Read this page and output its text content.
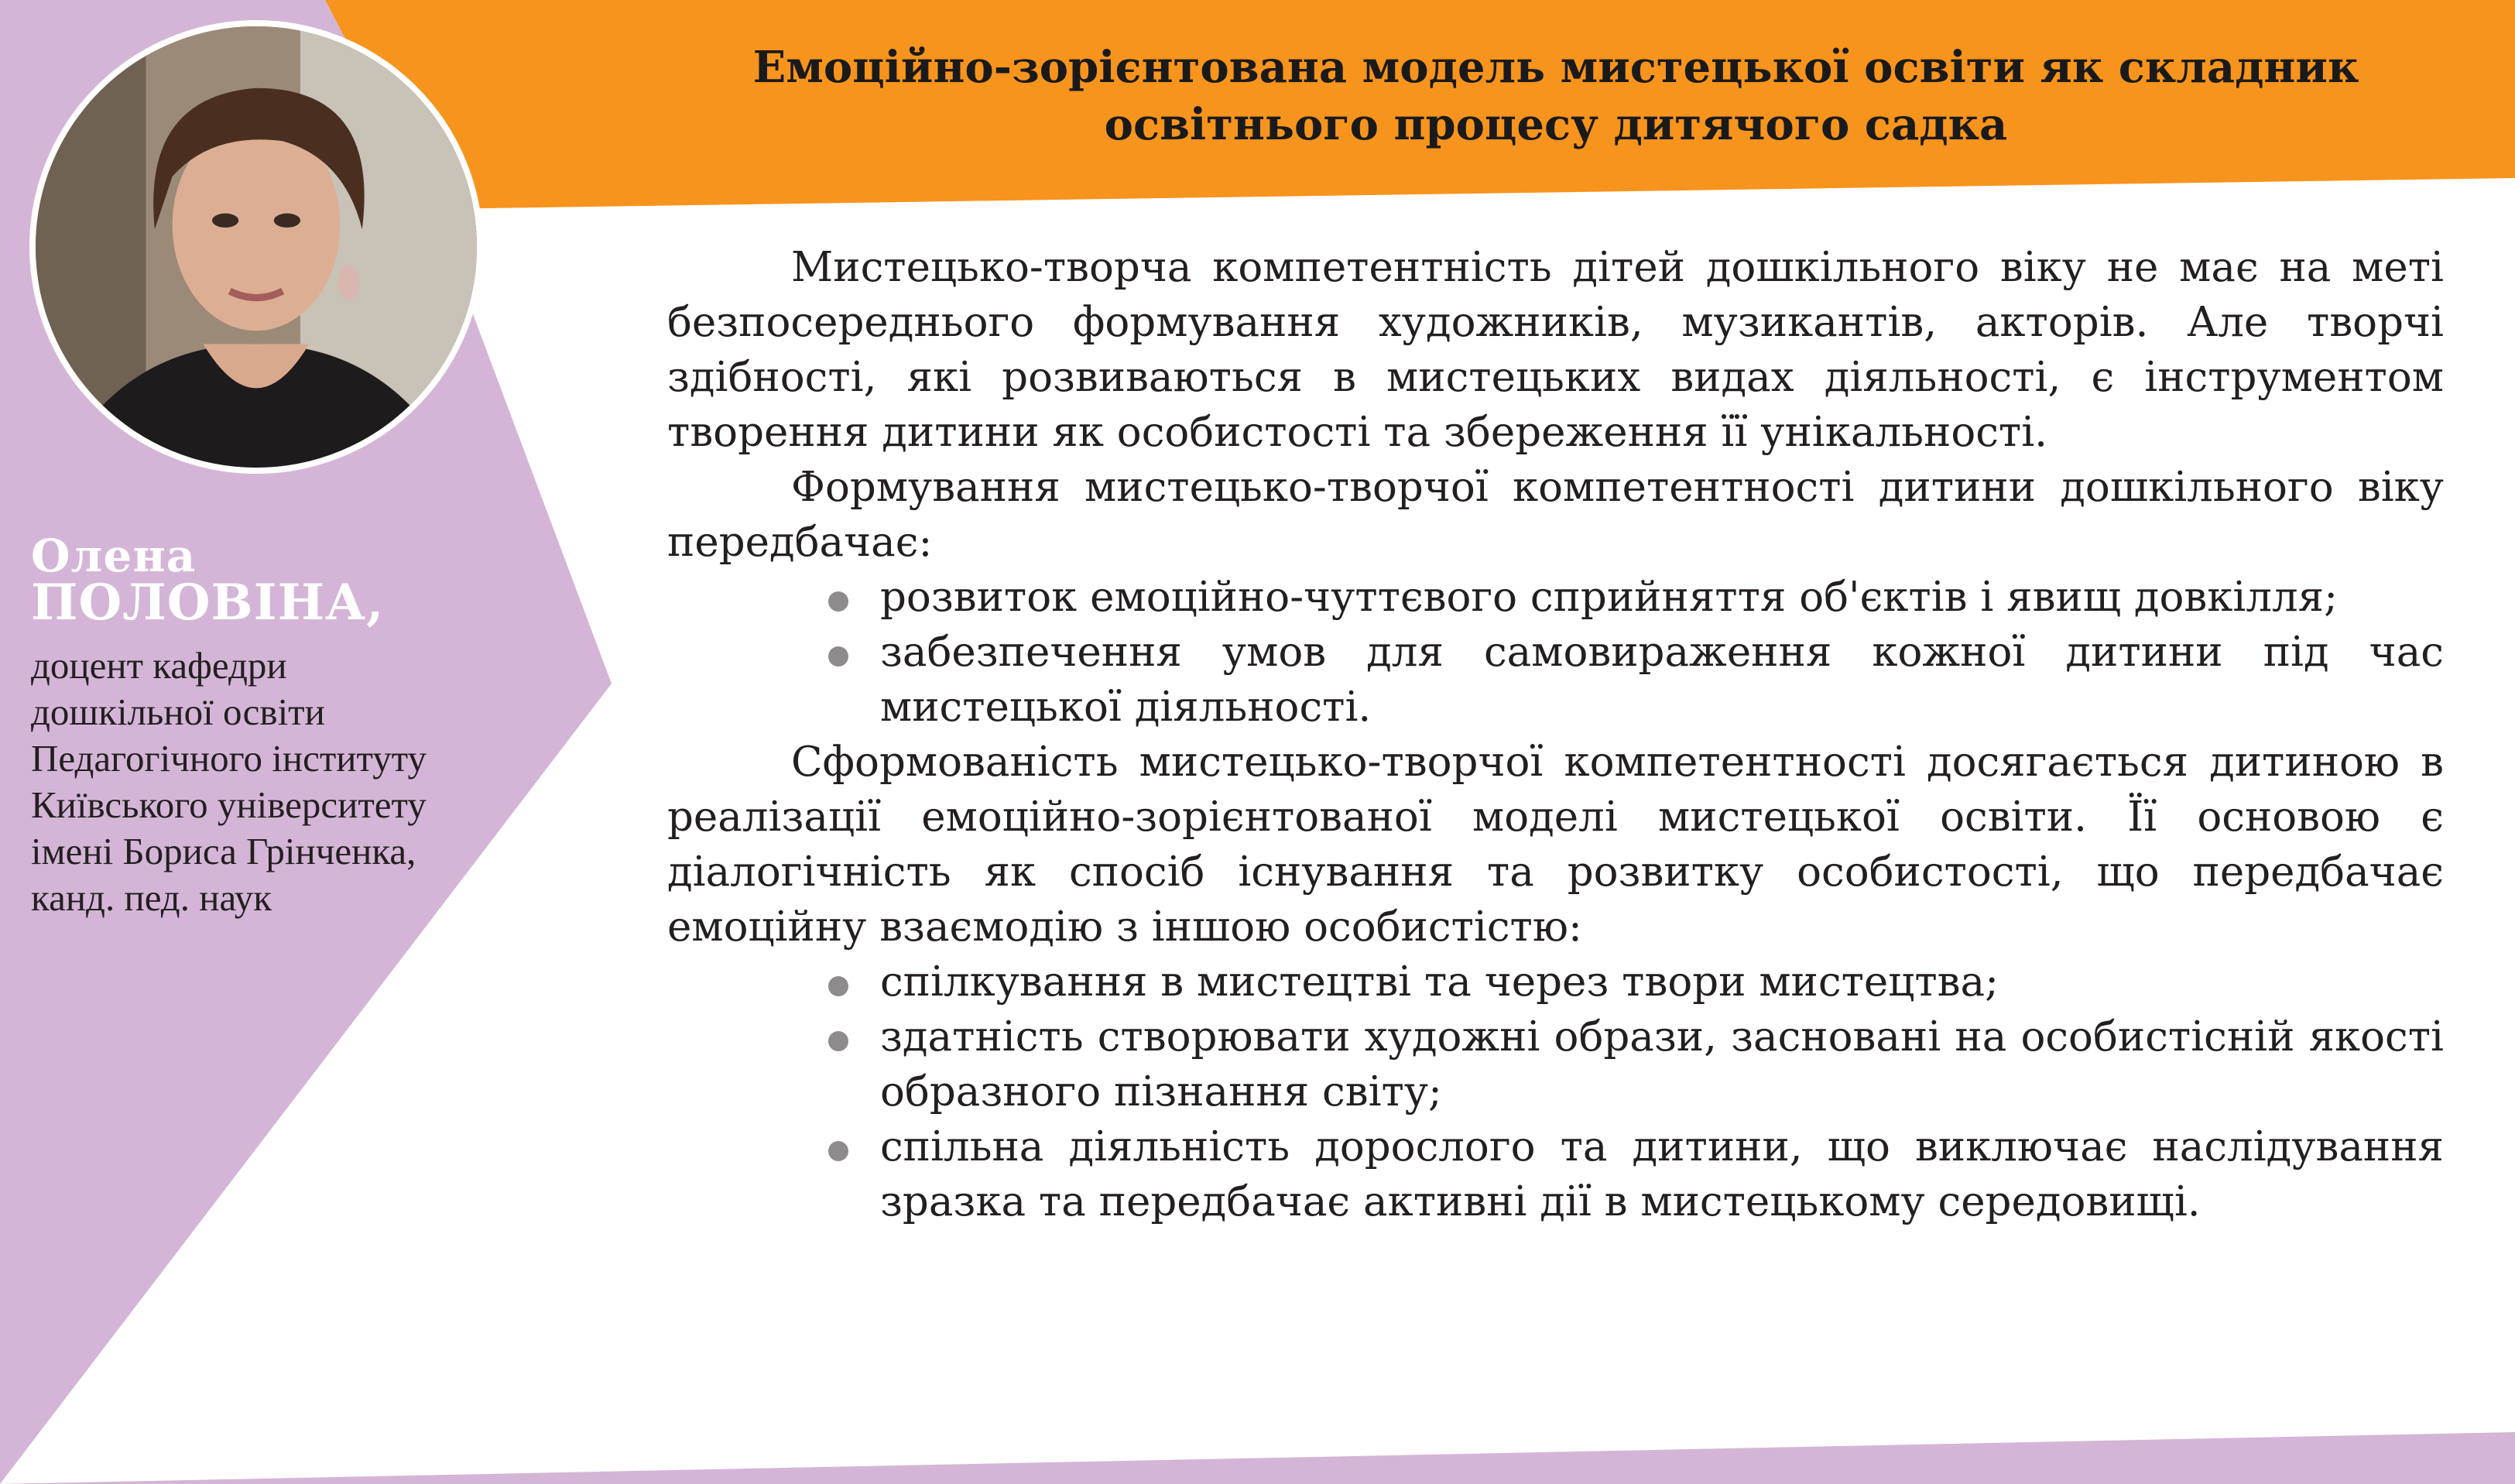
Емоційно-зорієнтована модель мистецької освіти як складник
освітнього процесу дитячого садка
Олена
ПОЛОВІНА,
доцент кафедри
дошкільної освіти
Педагогічного інституту
Київського університету
імені Бориса Грінченка,
канд. пед. наук

Мистецько-творча компетентність дітей дошкільного віку не має на меті безпосереднього формування художників, музикантів, акторів. Але творчі здібності, які розвиваються в мистецьких видах діяльності, є інструментом творення дитини як особистості та збереження її унікальності.

Формування мистецько-творчої компетентності дитини дошкільного віку передбачає:

розвиток емоційно-чуттєвого сприйняття об'єктів і явищ довкілля;
забезпечення умов для самовираження кожної дитини під час мистецької діяльності.

Сформованість мистецько-творчої компетентності досягається дитиною в реалізації емоційно-зорієнтованої моделі мистецької освіти. Її основою є діалогічність як спосіб існування та розвитку особистості, що передбачає емоційну взаємодію з іншою особистістю:

спілкування в мистецтві та через твори мистецтва;
здатність створювати художні образи, засновані на особистісній якості образного пізнання світу;
спільна діяльність дорослого та дитини, що виключає наслідування зразка та передбачає активні дії в мистецькому середовищі.
